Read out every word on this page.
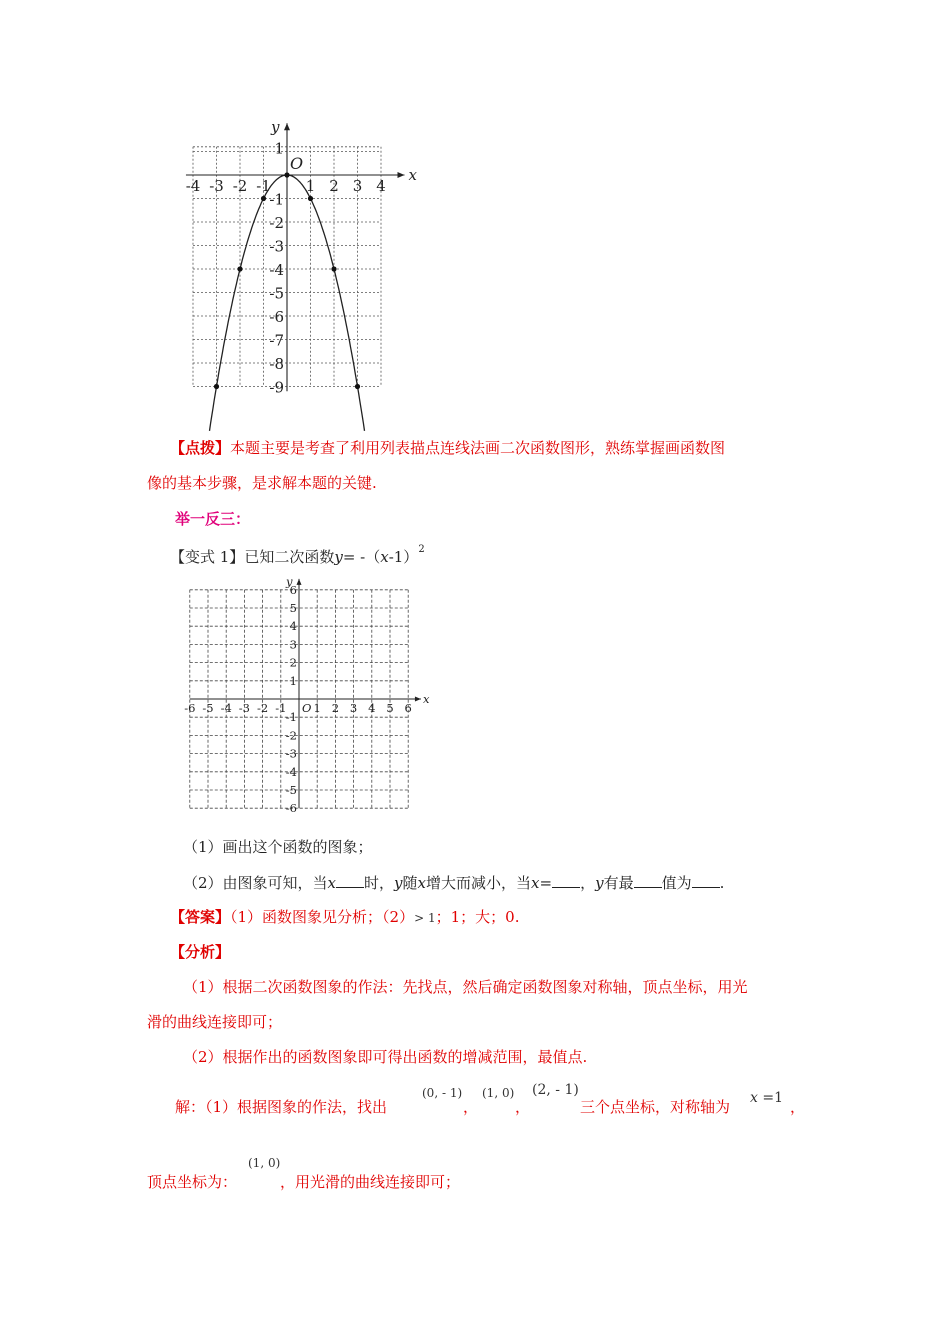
-4 -3 -2 -1 1 2 3 4
1
-1
-2
-3
-4
-5
-6
-7
-8
-9
x
y
O
【点拨】本题主要是考查了利用列表描点连线法画二次函数图形，熟练掌握画函数图
像的基本步骤，是求解本题的关键.
举一反三：
【变式 1】已知二次函数$y= -(x-1)^2$
-6 -5 -4 -3 -2 -1 1 2 3 4 5 6
6
5
4
3
2
1
-1
-2
-3
-4
-5
-6
x
y
O
（1）画出这个函数的图象；
（2）由图象可知，当x 时，y随x增大而减小，当x= ，y有最 值为 .
【答案】（1）函数图象见分析；（2）> 1；1；大；0.
【分析】
（1）根据二次函数图象的作法：先找点，然后确定函数图象对称轴，顶点坐标，用光
滑的曲线连接即可；
（2）根据作出的函数图象即可得出函数的增减范围，最值点.
解：（1）根据图象的作法，找出
(0, - 1)
，
(1, 0)
，
(2, - 1)
三个点坐标，对称轴为 x =1 ，
顶点坐标为：
(1, 0)
，用光滑的曲线连接即可；
